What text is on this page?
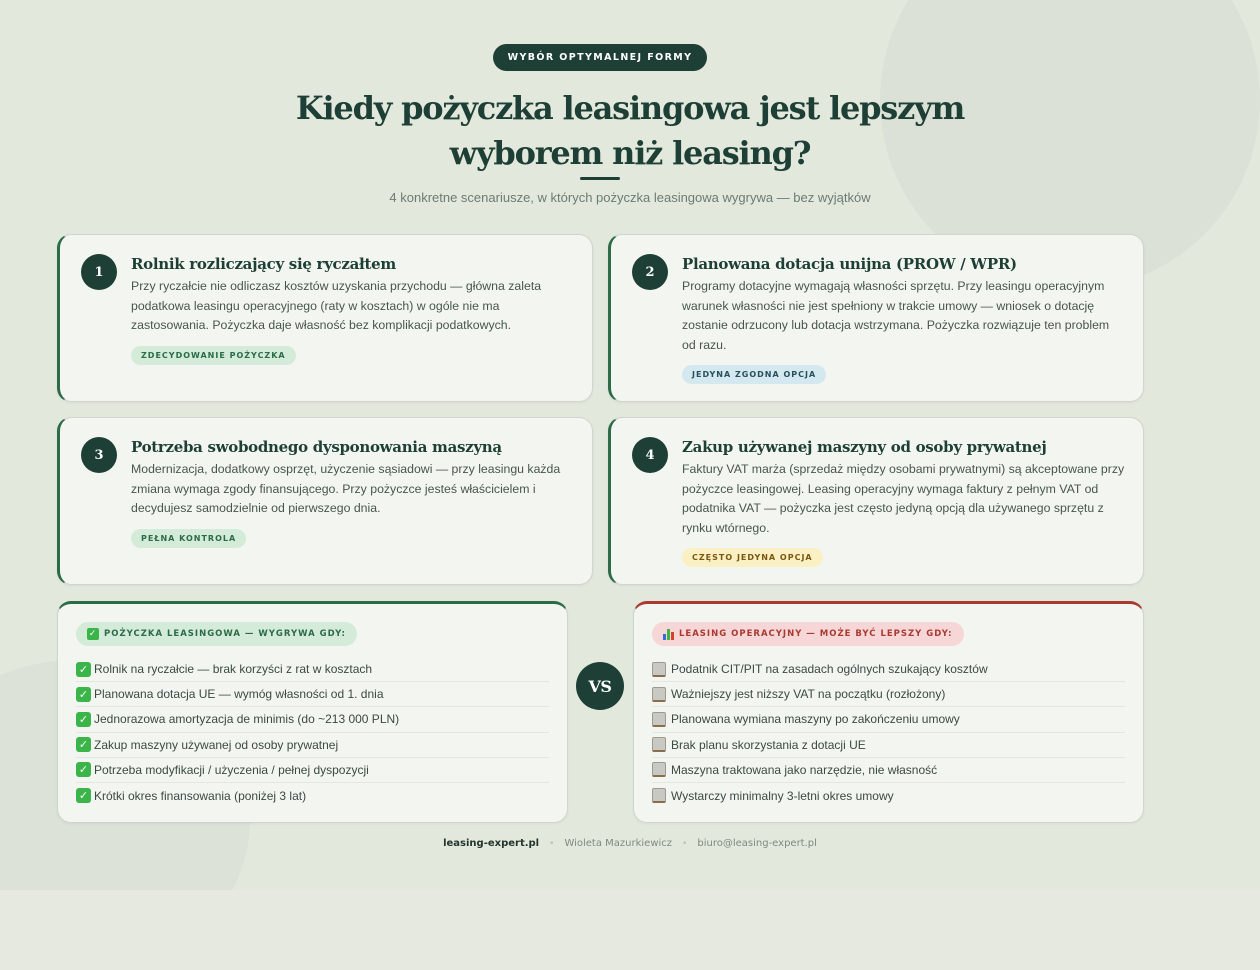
WYBÓR OPTYMALNEJ FORMY
Kiedy pożyczka leasingowa jest lepszym
wyborem niż leasing?

4 konkretne scenariusze, w których pożyczka leasingowa wygrywa — bez wyjątków

1	Rolnik rozliczający się ryczałtem
Przy ryczałcie nie odliczasz kosztów uzyskania przychodu — główna zaleta podatkowa leasingu operacyjnego (raty w kosztach) w ogóle nie ma zastosowania. Pożyczka daje własność bez komplikacji podatkowych.
ZDECYDOWANIE POŻYCZKA
2	Planowana dotacja unijna (PROW / WPR)
Programy dotacyjne wymagają własności sprzętu. Przy leasingu operacyjnym warunek własności nie jest spełniony w trakcie umowy — wniosek o dotację zostanie odrzucony lub dotacja wstrzymana. Pożyczka rozwiązuje ten problem od razu.
JEDYNA ZGODNA OPCJA
3	Potrzeba swobodnego dysponowania maszyną
Modernizacja, dodatkowy osprzęt, użyczenie sąsiadowi — przy leasingu każda zmiana wymaga zgody finansującego. Przy pożyczce jesteś właścicielem i decydujesz samodzielnie od pierwszego dnia.
PEŁNA KONTROLA
4	Zakup używanej maszyny od osoby prywatnej
Faktury VAT marża (sprzedaż między osobami prywatnymi) są akceptowane przy pożyczce leasingowej. Leasing operacyjny wymaga faktury z pełnym VAT od podatnika VAT — pożyczka jest często jedyną opcją dla używanego sprzętu z rynku wtórnego.
CZĘSTO JEDYNA OPCJA
✓ POŻYCZKA LEASINGOWA — WYGRYWA GDY:
✓ Rolnik na ryczałcie — brak korzyści z rat w kosztach
✓ Planowana dotacja UE — wymóg własności od 1. dnia
✓ Jednorazowa amortyzacja de minimis (do ~213 000 PLN)
✓ Zakup maszyny używanej od osoby prywatnej
✓ Potrzeba modyfikacji / użyczenia / pełnej dyspozycji
✓ Krótki okres finansowania (poniżej 3 lat)
VS
LEASING OPERACYJNY — MOŻE BYĆ LEPSZY GDY:
Podatnik CIT/PIT na zasadach ogólnych szukający kosztów
Ważniejszy jest niższy VAT na początku (rozłożony)
Planowana wymiana maszyny po zakończeniu umowy
Brak planu skorzystania z dotacji UE
Maszyna traktowana jako narzędzie, nie własność
Wystarczy minimalny 3-letni okres umowy
leasing-expert.pl • Wioleta Mazurkiewicz • biuro@leasing-expert.pl
